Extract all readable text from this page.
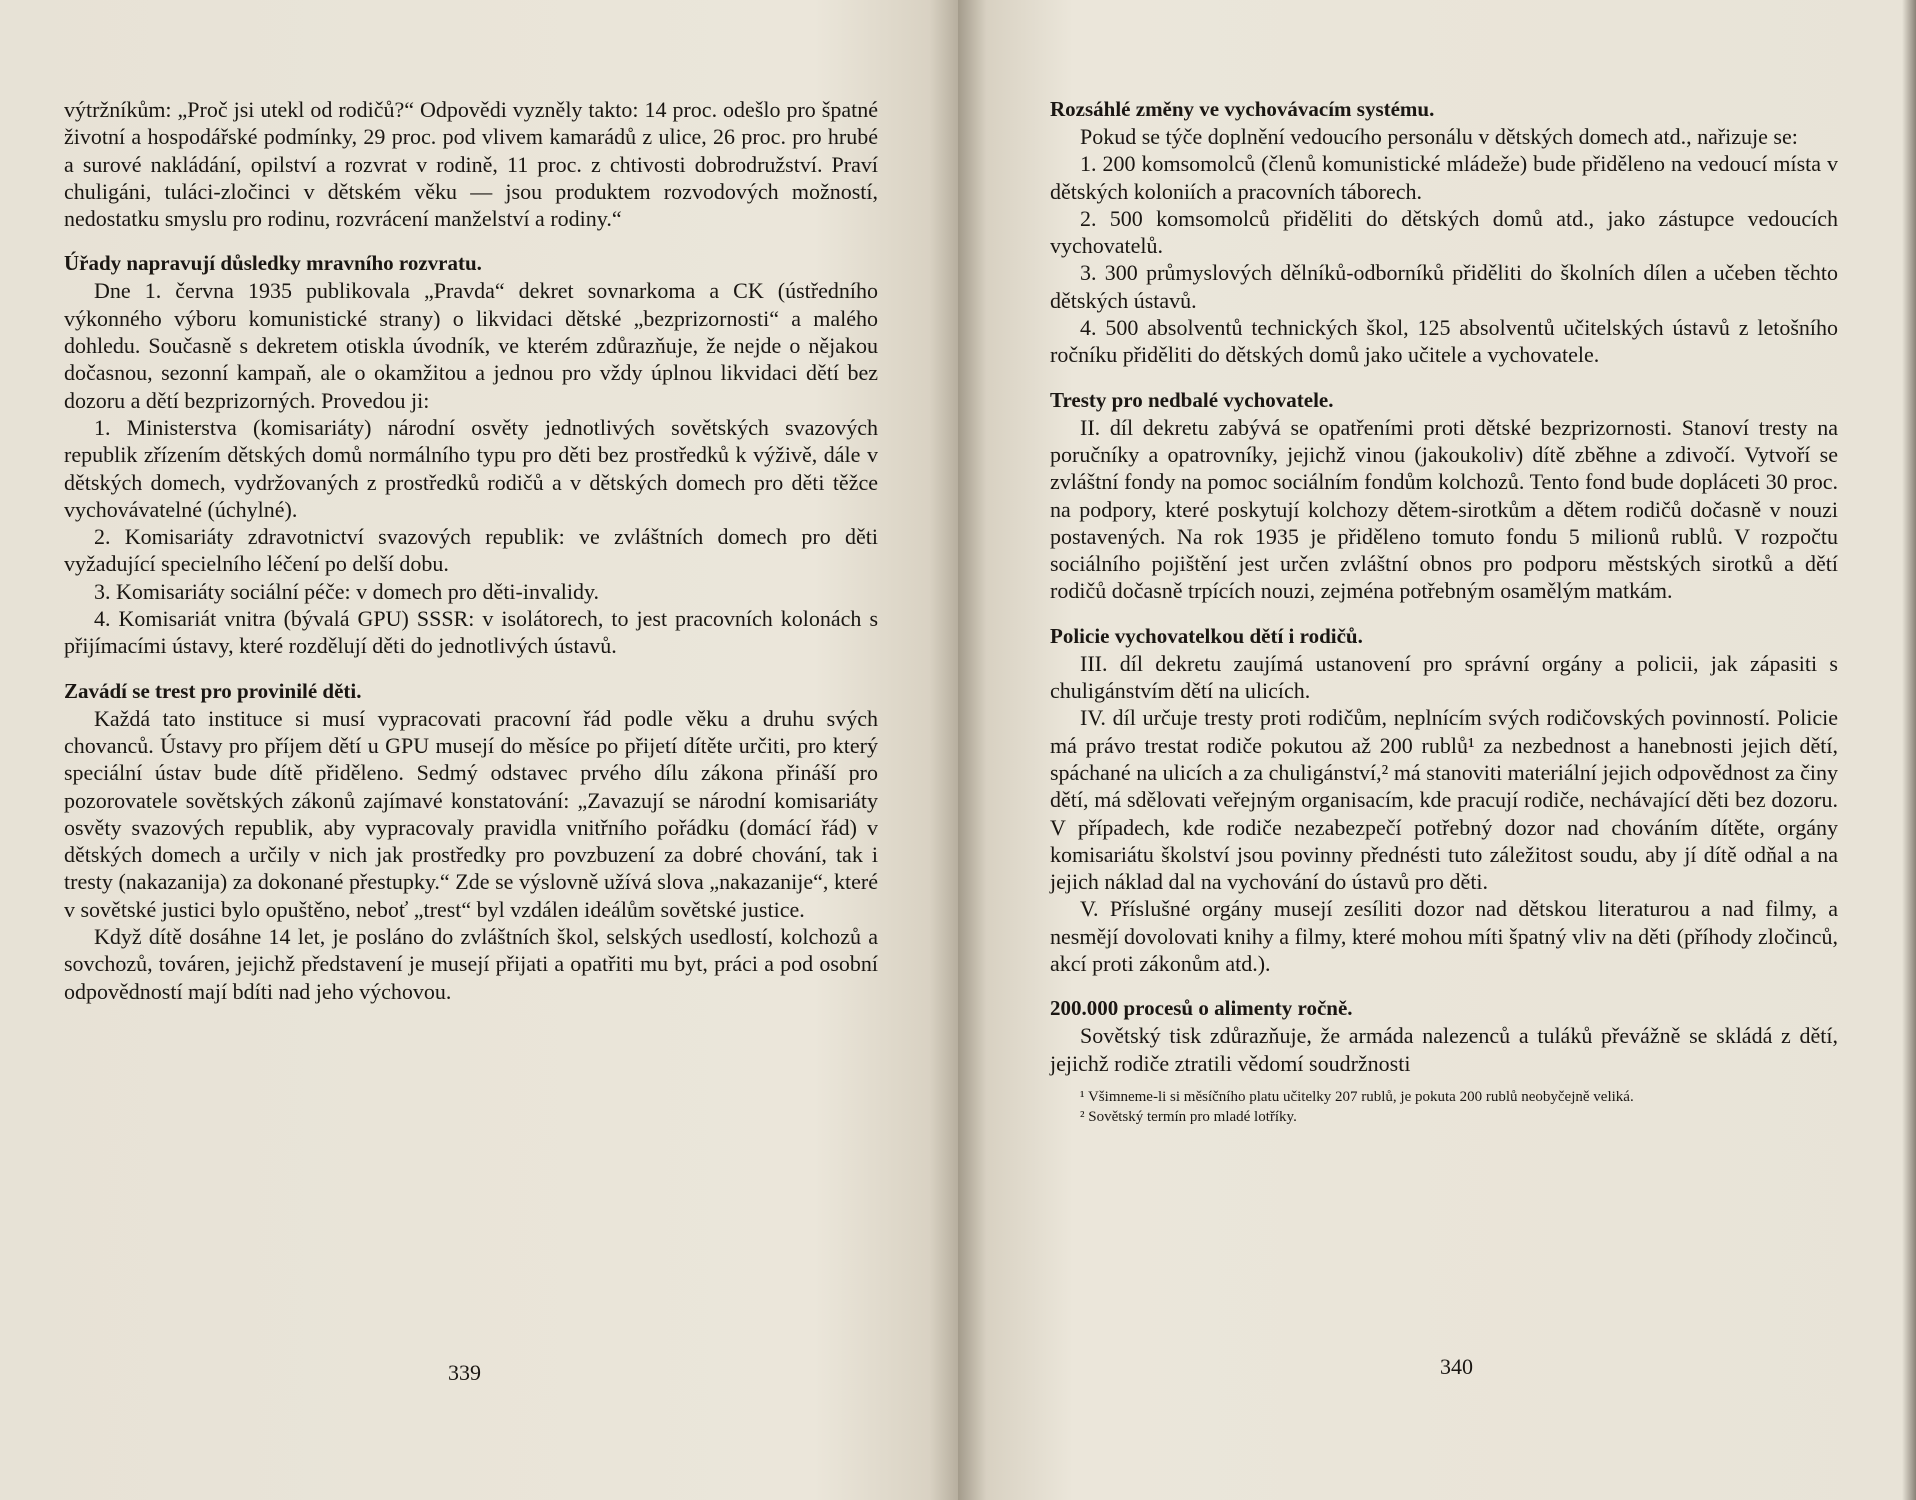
výtržníkům: „Proč jsi utekl od rodičů?“ Odpovědi vyzněly takto: 14 proc. odešlo pro špatné životní a hospodářské podmínky, 29 proc. pod vlivem kamarádů z ulice, 26 proc. pro hrubé a surové nakládání, opilství a rozvrat v rodině, 11 proc. z chtivosti dobrodružství. Praví chuligáni, tuláci-zločinci v dětském věku — jsou produktem rozvodových možností, nedostatku smyslu pro rodinu, rozvrácení manželství a rodiny.“

Úřady napravují důsledky mravního rozvratu.

Dne 1. června 1935 publikovala „Pravda“ dekret sovnarkoma a CK (ústředního výkonného výboru komunistické strany) o likvidaci dětské „bezprizornosti“ a malého dohledu. Současně s dekretem otiskla úvodník, ve kterém zdůrazňuje, že nejde o nějakou dočasnou, sezonní kampaň, ale o okamžitou a jednou pro vždy úplnou likvidaci dětí bez dozoru a dětí bezprizorných. Provedou ji:

1. Ministerstva (komisariáty) národní osvěty jednotlivých sovětských svazových republik zřízením dětských domů normálního typu pro děti bez prostředků k výživě, dále v dětských domech, vydržovaných z prostředků rodičů a v dětských domech pro děti těžce vychovávatelné (úchylné).

2. Komisariáty zdravotnictví svazových republik: ve zvláštních domech pro děti vyžadující specielního léčení po delší dobu.

3. Komisariáty sociální péče: v domech pro děti-invalidy.

4. Komisariát vnitra (bývalá GPU) SSSR: v isolátorech, to jest pracovních kolonách s přijímacími ústavy, které rozdělují děti do jednotlivých ústavů.

Zavádí se trest pro provinilé děti.

Každá tato instituce si musí vypracovati pracovní řád podle věku a druhu svých chovanců. Ústavy pro příjem dětí u GPU musejí do měsíce po přijetí dítěte určiti, pro který speciální ústav bude dítě přiděleno. Sedmý odstavec prvého dílu zákona přináší pro pozorovatele sovětských zákonů zajímavé konstatování: „Zavazují se národní komisariáty osvěty svazových republik, aby vypracovaly pravidla vnitřního pořádku (domácí řád) v dětských domech a určily v nich jak prostředky pro povzbuzení za dobré chování, tak i tresty (nakazanija) za dokonané přestupky.“ Zde se výslovně užívá slova „nakazanije“, které v sovětské justici bylo opuštěno, neboť „trest“ byl vzdálen ideálům sovětské justice.

Když dítě dosáhne 14 let, je posláno do zvláštních škol, selských usedlostí, kolchozů a sovchozů, továren, jejichž představení je musejí přijati a opatřiti mu byt, práci a pod osobní odpovědností mají bdíti nad jeho výchovou.

339
Rozsáhlé změny ve vychovávacím systému.

Pokud se týče doplnění vedoucího personálu v dětských domech atd., nařizuje se:

1. 200 komsomolců (členů komunistické mládeže) bude přiděleno na vedoucí místa v dětských koloniích a pracovních táborech.

2. 500 komsomolců přiděliti do dětských domů atd., jako zástupce vedoucích vychovatelů.

3. 300 průmyslových dělníků-odborníků přiděliti do školních dílen a učeben těchto dětských ústavů.

4. 500 absolventů technických škol, 125 absolventů učitelských ústavů z letošního ročníku přiděliti do dětských domů jako učitele a vychovatele.

Tresty pro nedbalé vychovatele.

II. díl dekretu zabývá se opatřeními proti dětské bezprizornosti. Stanoví tresty na poručníky a opatrovníky, jejichž vinou (jakoukoliv) dítě zběhne a zdivočí. Vytvoří se zvláštní fondy na pomoc sociálním fondům kolchozů. Tento fond bude dopláceti 30 proc. na podpory, které poskytují kolchozy dětem-sirotkům a dětem rodičů dočasně v nouzi postavených. Na rok 1935 je přiděleno tomuto fondu 5 milionů rublů. V rozpočtu sociálního pojištění jest určen zvláštní obnos pro podporu městských sirotků a dětí rodičů dočasně trpících nouzi, zejména potřebným osamělým matkám.

Policie vychovatelkou dětí i rodičů.

III. díl dekretu zaujímá ustanovení pro správní orgány a policii, jak zápasiti s chuligánstvím dětí na ulicích.

IV. díl určuje tresty proti rodičům, neplnícím svých rodičovských povinností. Policie má právo trestat rodiče pokutou až 200 rublů¹ za nezbednost a hanebnosti jejich dětí, spáchané na ulicích a za chuligánství,² má stanoviti materiální jejich odpovědnost za činy dětí, má sdělovati veřejným organisacím, kde pracují rodiče, nechávající děti bez dozoru. V případech, kde rodiče nezabezpečí potřebný dozor nad chováním dítěte, orgány komisariátu školství jsou povinny přednésti tuto záležitost soudu, aby jí dítě odňal a na jejich náklad dal na vychování do ústavů pro děti.

V. Příslušné orgány musejí zesíliti dozor nad dětskou literaturou a nad filmy, a nesmějí dovolovati knihy a filmy, které mohou míti špatný vliv na děti (příhody zločinců, akcí proti zákonům atd.).

200.000 procesů o alimenty ročně.

Sovětský tisk zdůrazňuje, že armáda nalezenců a tuláků převážně se skládá z dětí, jejichž rodiče ztratili vědomí soudržnosti

¹ Všimneme-li si měsíčního platu učitelky 207 rublů, je pokuta 200 rublů neobyčejně veliká.

² Sovětský termín pro mladé lotříky.

340
